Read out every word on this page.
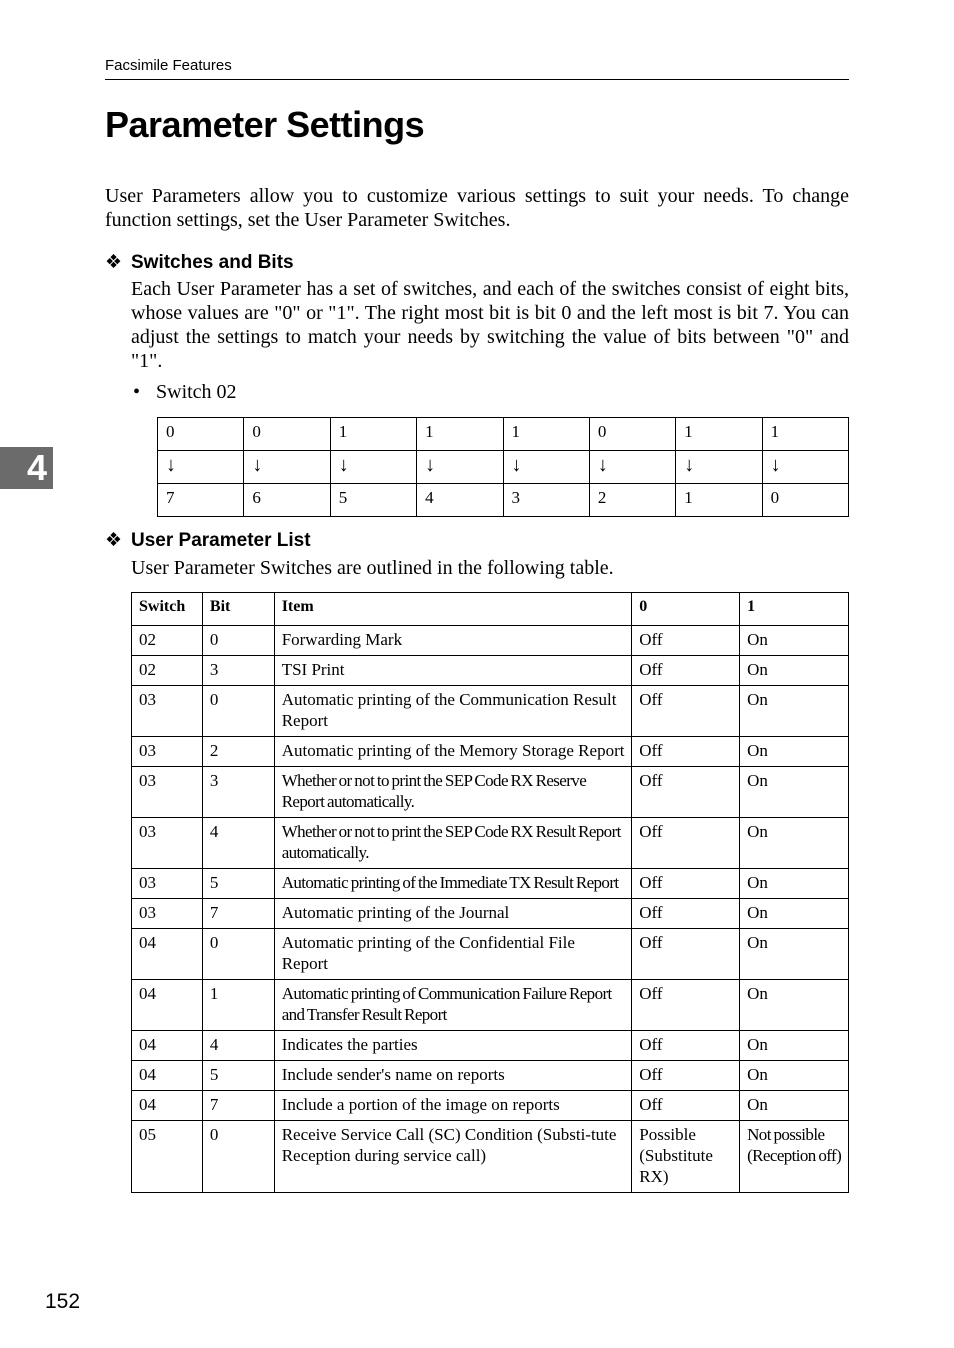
Facsimile Features
Parameter Settings

User Parameters allow you to customize various settings to suit your needs. To change function settings, set the User Parameter Switches.

❖ Switches and Bits

Each User Parameter has a set of switches, and each of the switches consist of eight bits, whose values are "0" or "1". The right most bit is bit 0 and the left most is bit 7. You can adjust the settings to match your needs by switching the value of bits between "0" and "1".

• Switch 02
0	0	1	1	1	0	1	1
↓	↓	↓	↓	↓	↓	↓	↓
7	6	5	4	3	2	1	0
❖ User Parameter List

User Parameter Switches are outlined in the following table.

Switch	Bit	Item	0	1
02	0	Forwarding Mark	Off	On
02	3	TSI Print	Off	On
03	0	Automatic printing of the Communication Result Report	Off	On
03	2	Automatic printing of the Memory Storage Report	Off	On
03	3	Whether or not to print the SEP Code RX Reserve Report automatically.	Off	On
03	4	Whether or not to print the SEP Code RX Result Report automatically.	Off	On
03	5	Automatic printing of the Immediate TX Result Report	Off	On
03	7	Automatic printing of the Journal	Off	On
04	0	Automatic printing of the Confidential File Report	Off	On
04	1	Automatic printing of Communication Failure Report and Transfer Result Report	Off	On
04	4	Indicates the parties	Off	On
04	5	Include sender's name on reports	Off	On
04	7	Include a portion of the image on reports	Off	On
05	0	Receive Service Call (SC) Condition (Substi-tute Reception during service call)	Possible (Substitute RX)	Not possible (Reception off)
4
152
